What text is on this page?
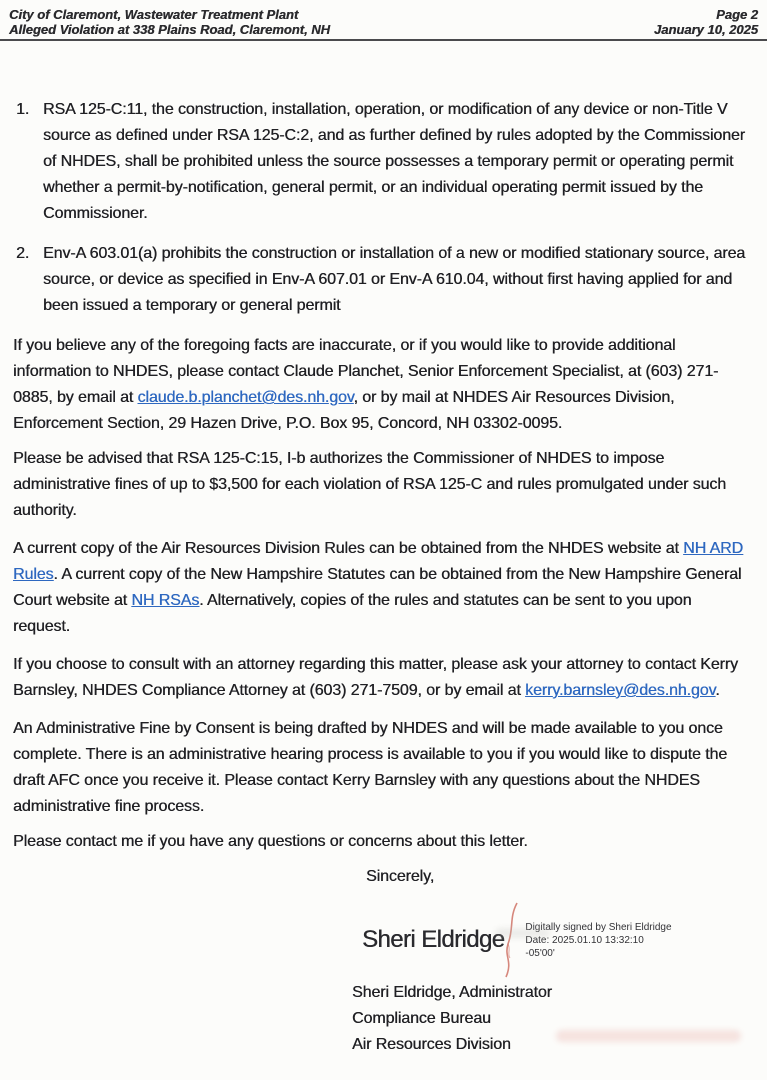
City of Claremont, Wastewater Treatment Plant	Page 2
Alleged Violation at 338 Plains Road, Claremont, NH	January 10, 2025
1. RSA 125-C:11, the construction, installation, operation, or modification of any device or non-Title V source as defined under RSA 125-C:2, and as further defined by rules adopted by the Commissioner of NHDES, shall be prohibited unless the source possesses a temporary permit or operating permit whether a permit-by-notification, general permit, or an individual operating permit issued by the Commissioner.
2. Env-A 603.01(a) prohibits the construction or installation of a new or modified stationary source, area source, or device as specified in Env-A 607.01 or Env-A 610.04, without first having applied for and been issued a temporary or general permit

If you believe any of the foregoing facts are inaccurate, or if you would like to provide additional information to NHDES, please contact Claude Planchet, Senior Enforcement Specialist, at (603) 271-0885, by email at claude.b.planchet@des.nh.gov, or by mail at NHDES Air Resources Division, Enforcement Section, 29 Hazen Drive, P.O. Box 95, Concord, NH 03302-0095.

Please be advised that RSA 125-C:15, I-b authorizes the Commissioner of NHDES to impose administrative fines of up to $3,500 for each violation of RSA 125-C and rules promulgated under such authority.

A current copy of the Air Resources Division Rules can be obtained from the NHDES website at NH ARD Rules. A current copy of the New Hampshire Statutes can be obtained from the New Hampshire General Court website at NH RSAs. Alternatively, copies of the rules and statutes can be sent to you upon request.

If you choose to consult with an attorney regarding this matter, please ask your attorney to contact Kerry Barnsley, NHDES Compliance Attorney at (603) 271-7509, or by email at kerry.barnsley@des.nh.gov.

An Administrative Fine by Consent is being drafted by NHDES and will be made available to you once complete. There is an administrative hearing process is available to you if you would like to dispute the draft AFC once you receive it. Please contact Kerry Barnsley with any questions about the NHDES administrative fine process.

Please contact me if you have any questions or concerns about this letter.

Sincerely,
Sheri Eldridge Digitally signed by Sheri Eldridge
Date: 2025.01.10 13:32:10 -05'00'
Sheri Eldridge, Administrator
Compliance Bureau
Air Resources Division
